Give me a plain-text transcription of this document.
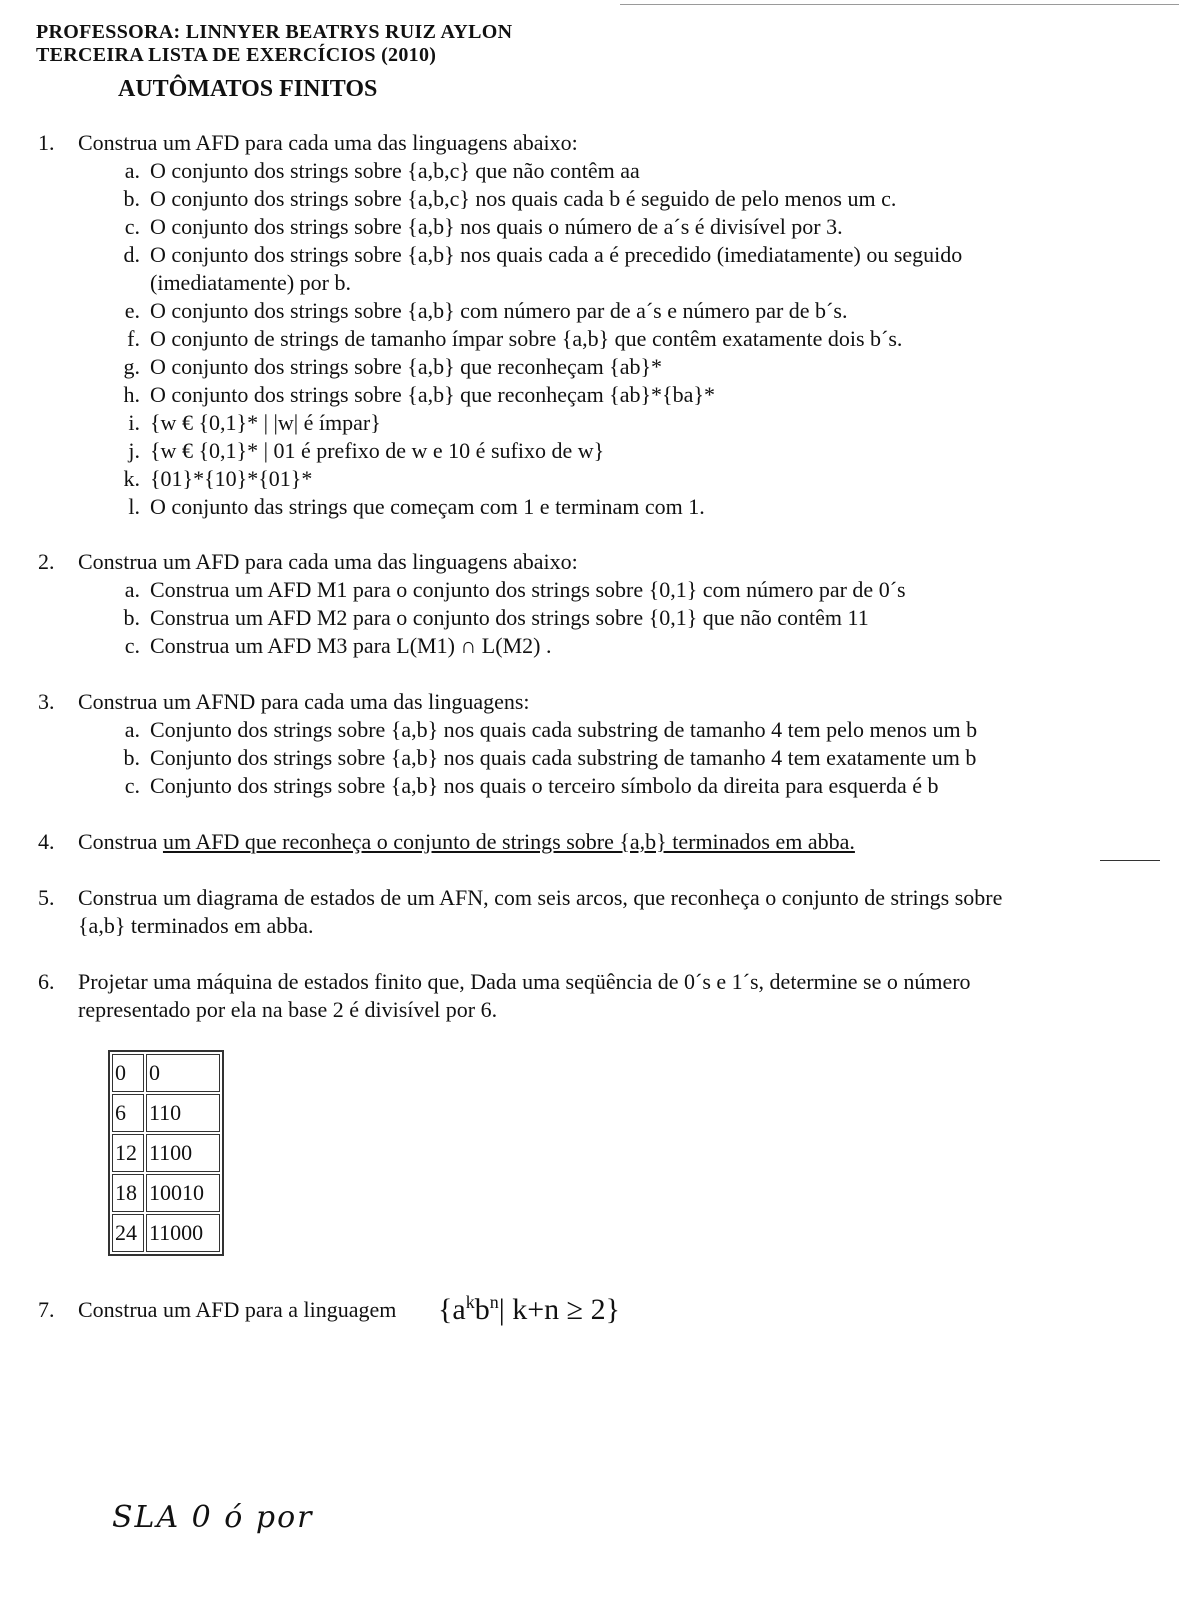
PROFESSORA: LINNYER BEATRYS RUIZ AYLON
TERCEIRA LISTA DE EXERCÍCIOS (2010)
AUTÔMATOS FINITOS
1.	Construa um AFD para cada uma das linguagens abaixo:
a. O conjunto dos strings sobre {a,b,c} que não contêm aa
b. O conjunto dos strings sobre {a,b,c} nos quais cada b é seguido de pelo menos um c.
c. O conjunto dos strings sobre {a,b} nos quais o número de a´s é divisível por 3.
d. O conjunto dos strings sobre {a,b} nos quais cada a é precedido (imediatamente) ou seguido
(imediatamente) por b.
e. O conjunto dos strings sobre {a,b} com número par de a´s e número par de b´s.
f. O conjunto de strings de tamanho ímpar sobre {a,b} que contêm exatamente dois b´s.
g. O conjunto dos strings sobre {a,b} que reconheçam {ab}*
h. O conjunto dos strings sobre {a,b} que reconheçam {ab}*{ba}*
i. {w € {0,1}* | |w| é ímpar}
j. {w € {0,1}* | 01 é prefixo de w e 10 é sufixo de w}
k. {01}*{10}*{01}*
l. O conjunto das strings que começam com 1 e terminam com 1.
2.	Construa um AFD para cada uma das linguagens abaixo:
a. Construa um AFD M1 para o conjunto dos strings sobre {0,1} com número par de 0´s
b. Construa um AFD M2 para o conjunto dos strings sobre {0,1} que não contêm 11
c. Construa um AFD M3 para L(M1) ∩ L(M2) .
3.	Construa um AFND para cada uma das linguagens:
a. Conjunto dos strings sobre {a,b} nos quais cada substring de tamanho 4 tem pelo menos um b
b. Conjunto dos strings sobre {a,b} nos quais cada substring de tamanho 4 tem exatamente um b
c. Conjunto dos strings sobre {a,b} nos quais o terceiro símbolo da direita para esquerda é b
4.	Construa um AFD que reconheça o conjunto de strings sobre {a,b} terminados em abba.
5.	Construa um diagrama de estados de um AFN, com seis arcos, que reconheça o conjunto de strings sobre
{a,b} terminados em abba.
6.	Projetar uma máquina de estados finito que, Dada uma seqüência de 0´s e 1´s, determine se o número
representado por ela na base 2 é divisível por 6.
0	0
6	110
12	1100
18	10010
24	11000
7.	Construa um AFD para a linguagem {$a^kb^n|$ k+n ≥ 2}
SLA 0 ó por
